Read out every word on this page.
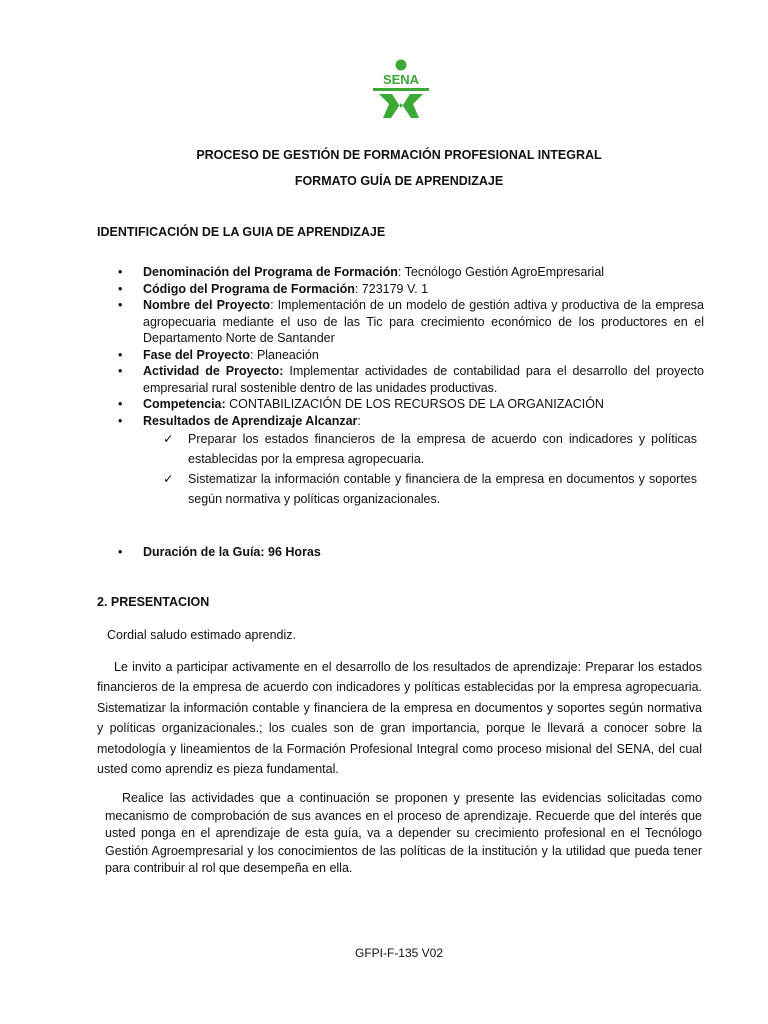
SENA
PROCESO DE GESTIÓN DE FORMACIÓN PROFESIONAL INTEGRAL
FORMATO GUÍA DE APRENDIZAJE
IDENTIFICACIÓN DE LA GUIA DE APRENDIZAJE

• Denominación del Programa de Formación: Tecnólogo Gestión AgroEmpresarial

• Código del Programa de Formación: 723179 V. 1

• Nombre del Proyecto: Implementación de un modelo de gestión adtiva y productiva de la empresa agropecuaria mediante el uso de las Tic para crecimiento económico de los productores en el Departamento Norte de Santander

• Fase del Proyecto: Planeación

• Actividad de Proyecto: Implementar actividades de contabilidad para el desarrollo del proyecto empresarial rural sostenible dentro de las unidades productivas.

• Competencia: CONTABILIZACIÓN DE LOS RECURSOS DE LA ORGANIZACIÓN

• Resultados de Aprendizaje Alcanzar:

✓ Preparar los estados financieros de la empresa de acuerdo con indicadores y políticas establecidas por la empresa agropecuaria.
✓ Sistematizar la información contable y financiera de la empresa en documentos y soportes según normativa y políticas organizacionales.
• Duración de la Guía: 96 Horas
2. PRESENTACION
Cordial saludo estimado aprendiz.
Le invito a participar activamente en el desarrollo de los resultados de aprendizaje: Preparar los estados financieros de la empresa de acuerdo con indicadores y políticas establecidas por la empresa agropecuaria. Sistematizar la información contable y financiera de la empresa en documentos y soportes según normativa y políticas organizacionales.; los cuales son de gran importancia, porque le llevará a conocer sobre la metodología y lineamientos de la Formación Profesional Integral como proceso misional del SENA, del cual usted como aprendiz es pieza fundamental.
Realice las actividades que a continuación se proponen y presente las evidencias solicitadas como mecanismo de comprobación de sus avances en el proceso de aprendizaje. Recuerde que del interés que usted ponga en el aprendizaje de esta guía, va a depender su crecimiento profesional en el Tecnólogo Gestión Agroempresarial y los conocimientos de las políticas de la institución y la utilidad que pueda tener para contribuir al rol que desempeña en ella.
GFPI-F-135 V02
